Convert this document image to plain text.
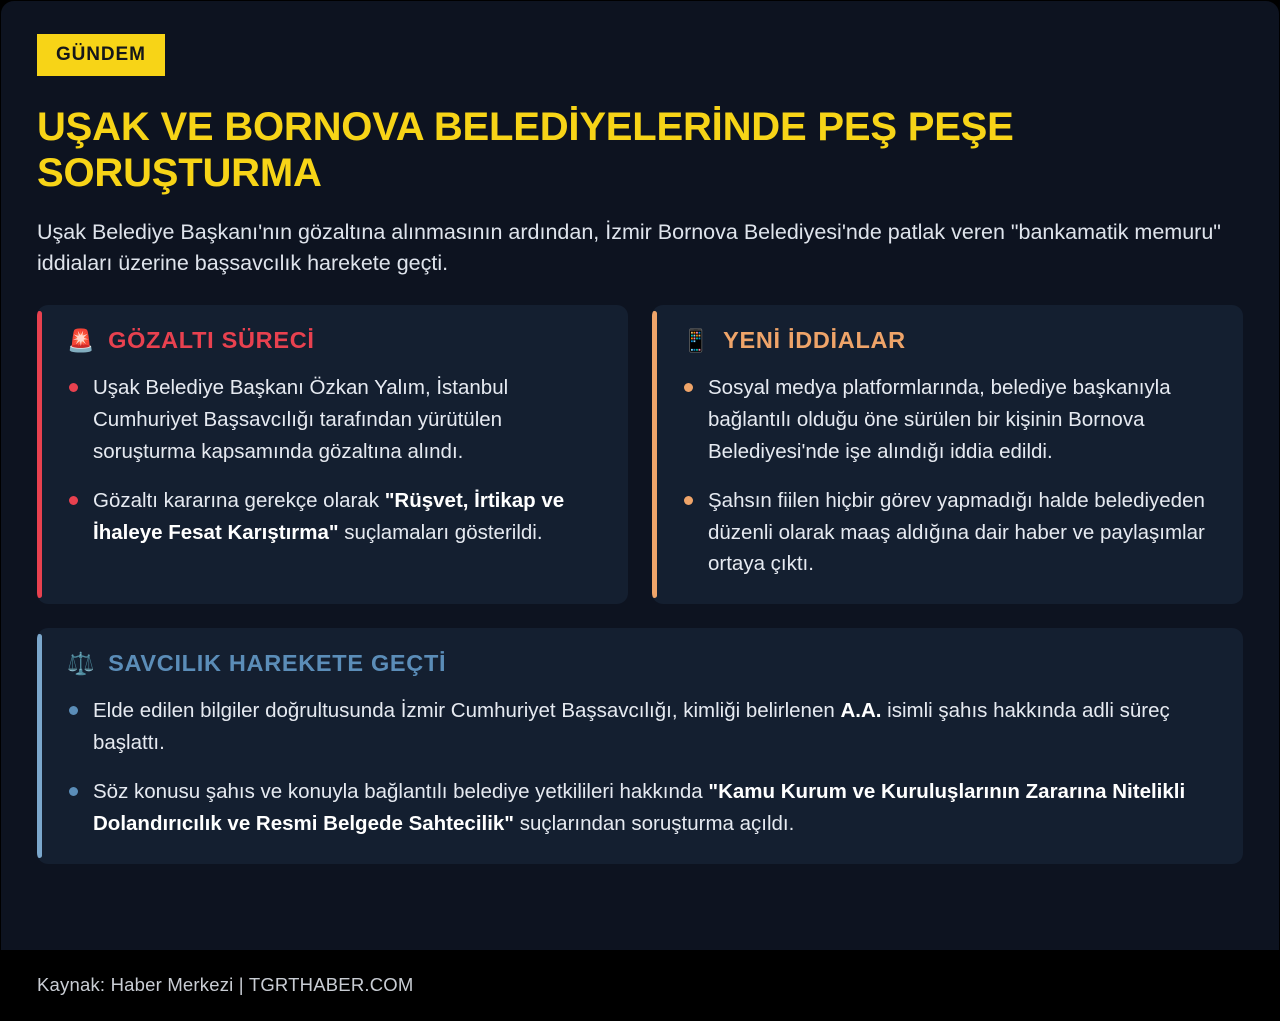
GÜNDEM
UŞAK VE BORNOVA BELEDİYELERİNDE PEŞ PEŞE SORUŞTURMA

Uşak Belediye Başkanı'nın gözaltına alınmasının ardından, İzmir Bornova Belediyesi'nde patlak veren "bankamatik memuru" iddiaları üzerine başsavcılık harekete geçti.

🚨 GÖZALTI SÜRECİ
Uşak Belediye Başkanı Özkan Yalım, İstanbul Cumhuriyet Başsavcılığı tarafından yürütülen soruşturma kapsamında gözaltına alındı.
Gözaltı kararına gerekçe olarak "Rüşvet, İrtikap ve İhaleye Fesat Karıştırma" suçlamaları gösterildi.
📱 YENİ İDDİALAR
Sosyal medya platformlarında, belediye başkanıyla bağlantılı olduğu öne sürülen bir kişinin Bornova Belediyesi'nde işe alındığı iddia edildi.
Şahsın fiilen hiçbir görev yapmadığı halde belediyeden düzenli olarak maaş aldığına dair haber ve paylaşımlar ortaya çıktı.
⚖️ SAVCILIK HAREKETE GEÇTİ
Elde edilen bilgiler doğrultusunda İzmir Cumhuriyet Başsavcılığı, kimliği belirlenen A.A. isimli şahıs hakkında adli süreç başlattı.
Söz konusu şahıs ve konuyla bağlantılı belediye yetkilileri hakkında "Kamu Kurum ve Kuruluşlarının Zararına Nitelikli Dolandırıcılık ve Resmi Belgede Sahtecilik" suçlarından soruşturma açıldı.
Kaynak: Haber Merkezi | TGRTHABER.COM
